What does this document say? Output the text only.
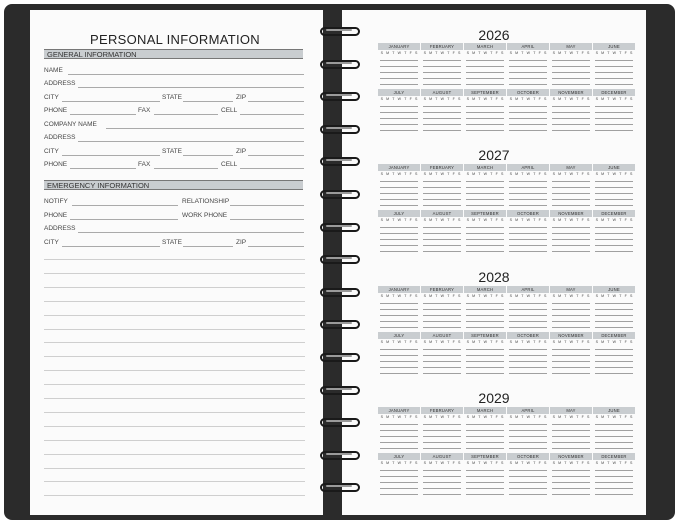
PERSONAL INFORMATION
GENERAL INFORMATION
NAME
ADDRESS
CITY	STATE	ZIP
PHONE	FAX	CELL
COMPANY NAME
ADDRESS
CITY	STATE	ZIP
PHONE	FAX	CELL
EMERGENCY INFORMATION
NOTIFY	RELATIONSHIP
PHONE	WORK PHONE
ADDRESS
CITY	STATE	ZIP
2026
JANUARY
S M T W T F S
FEBRUARY
S M T W T F S
MARCH
S M T W T F S
APRIL
S M T W T F S
MAY
S M T W T F S
JUNE
S M T W T F S
JULY
S M T W T F S
AUGUST
S M T W T F S
SEPTEMBER
S M T W T F S
OCTOBER
S M T W T F S
NOVEMBER
S M T W T F S
DECEMBER
S M T W T F S
2027
JANUARY
S M T W T F S
FEBRUARY
S M T W T F S
MARCH
S M T W T F S
APRIL
S M T W T F S
MAY
S M T W T F S
JUNE
S M T W T F S
JULY
S M T W T F S
AUGUST
S M T W T F S
SEPTEMBER
S M T W T F S
OCTOBER
S M T W T F S
NOVEMBER
S M T W T F S
DECEMBER
S M T W T F S
2028
JANUARY
S M T W T F S
FEBRUARY
S M T W T F S
MARCH
S M T W T F S
APRIL
S M T W T F S
MAY
S M T W T F S
JUNE
S M T W T F S
JULY
S M T W T F S
AUGUST
S M T W T F S
SEPTEMBER
S M T W T F S
OCTOBER
S M T W T F S
NOVEMBER
S M T W T F S
DECEMBER
S M T W T F S
2029
JANUARY
S M T W T F S
FEBRUARY
S M T W T F S
MARCH
S M T W T F S
APRIL
S M T W T F S
MAY
S M T W T F S
JUNE
S M T W T F S
JULY
S M T W T F S
AUGUST
S M T W T F S
SEPTEMBER
S M T W T F S
OCTOBER
S M T W T F S
NOVEMBER
S M T W T F S
DECEMBER
S M T W T F S
